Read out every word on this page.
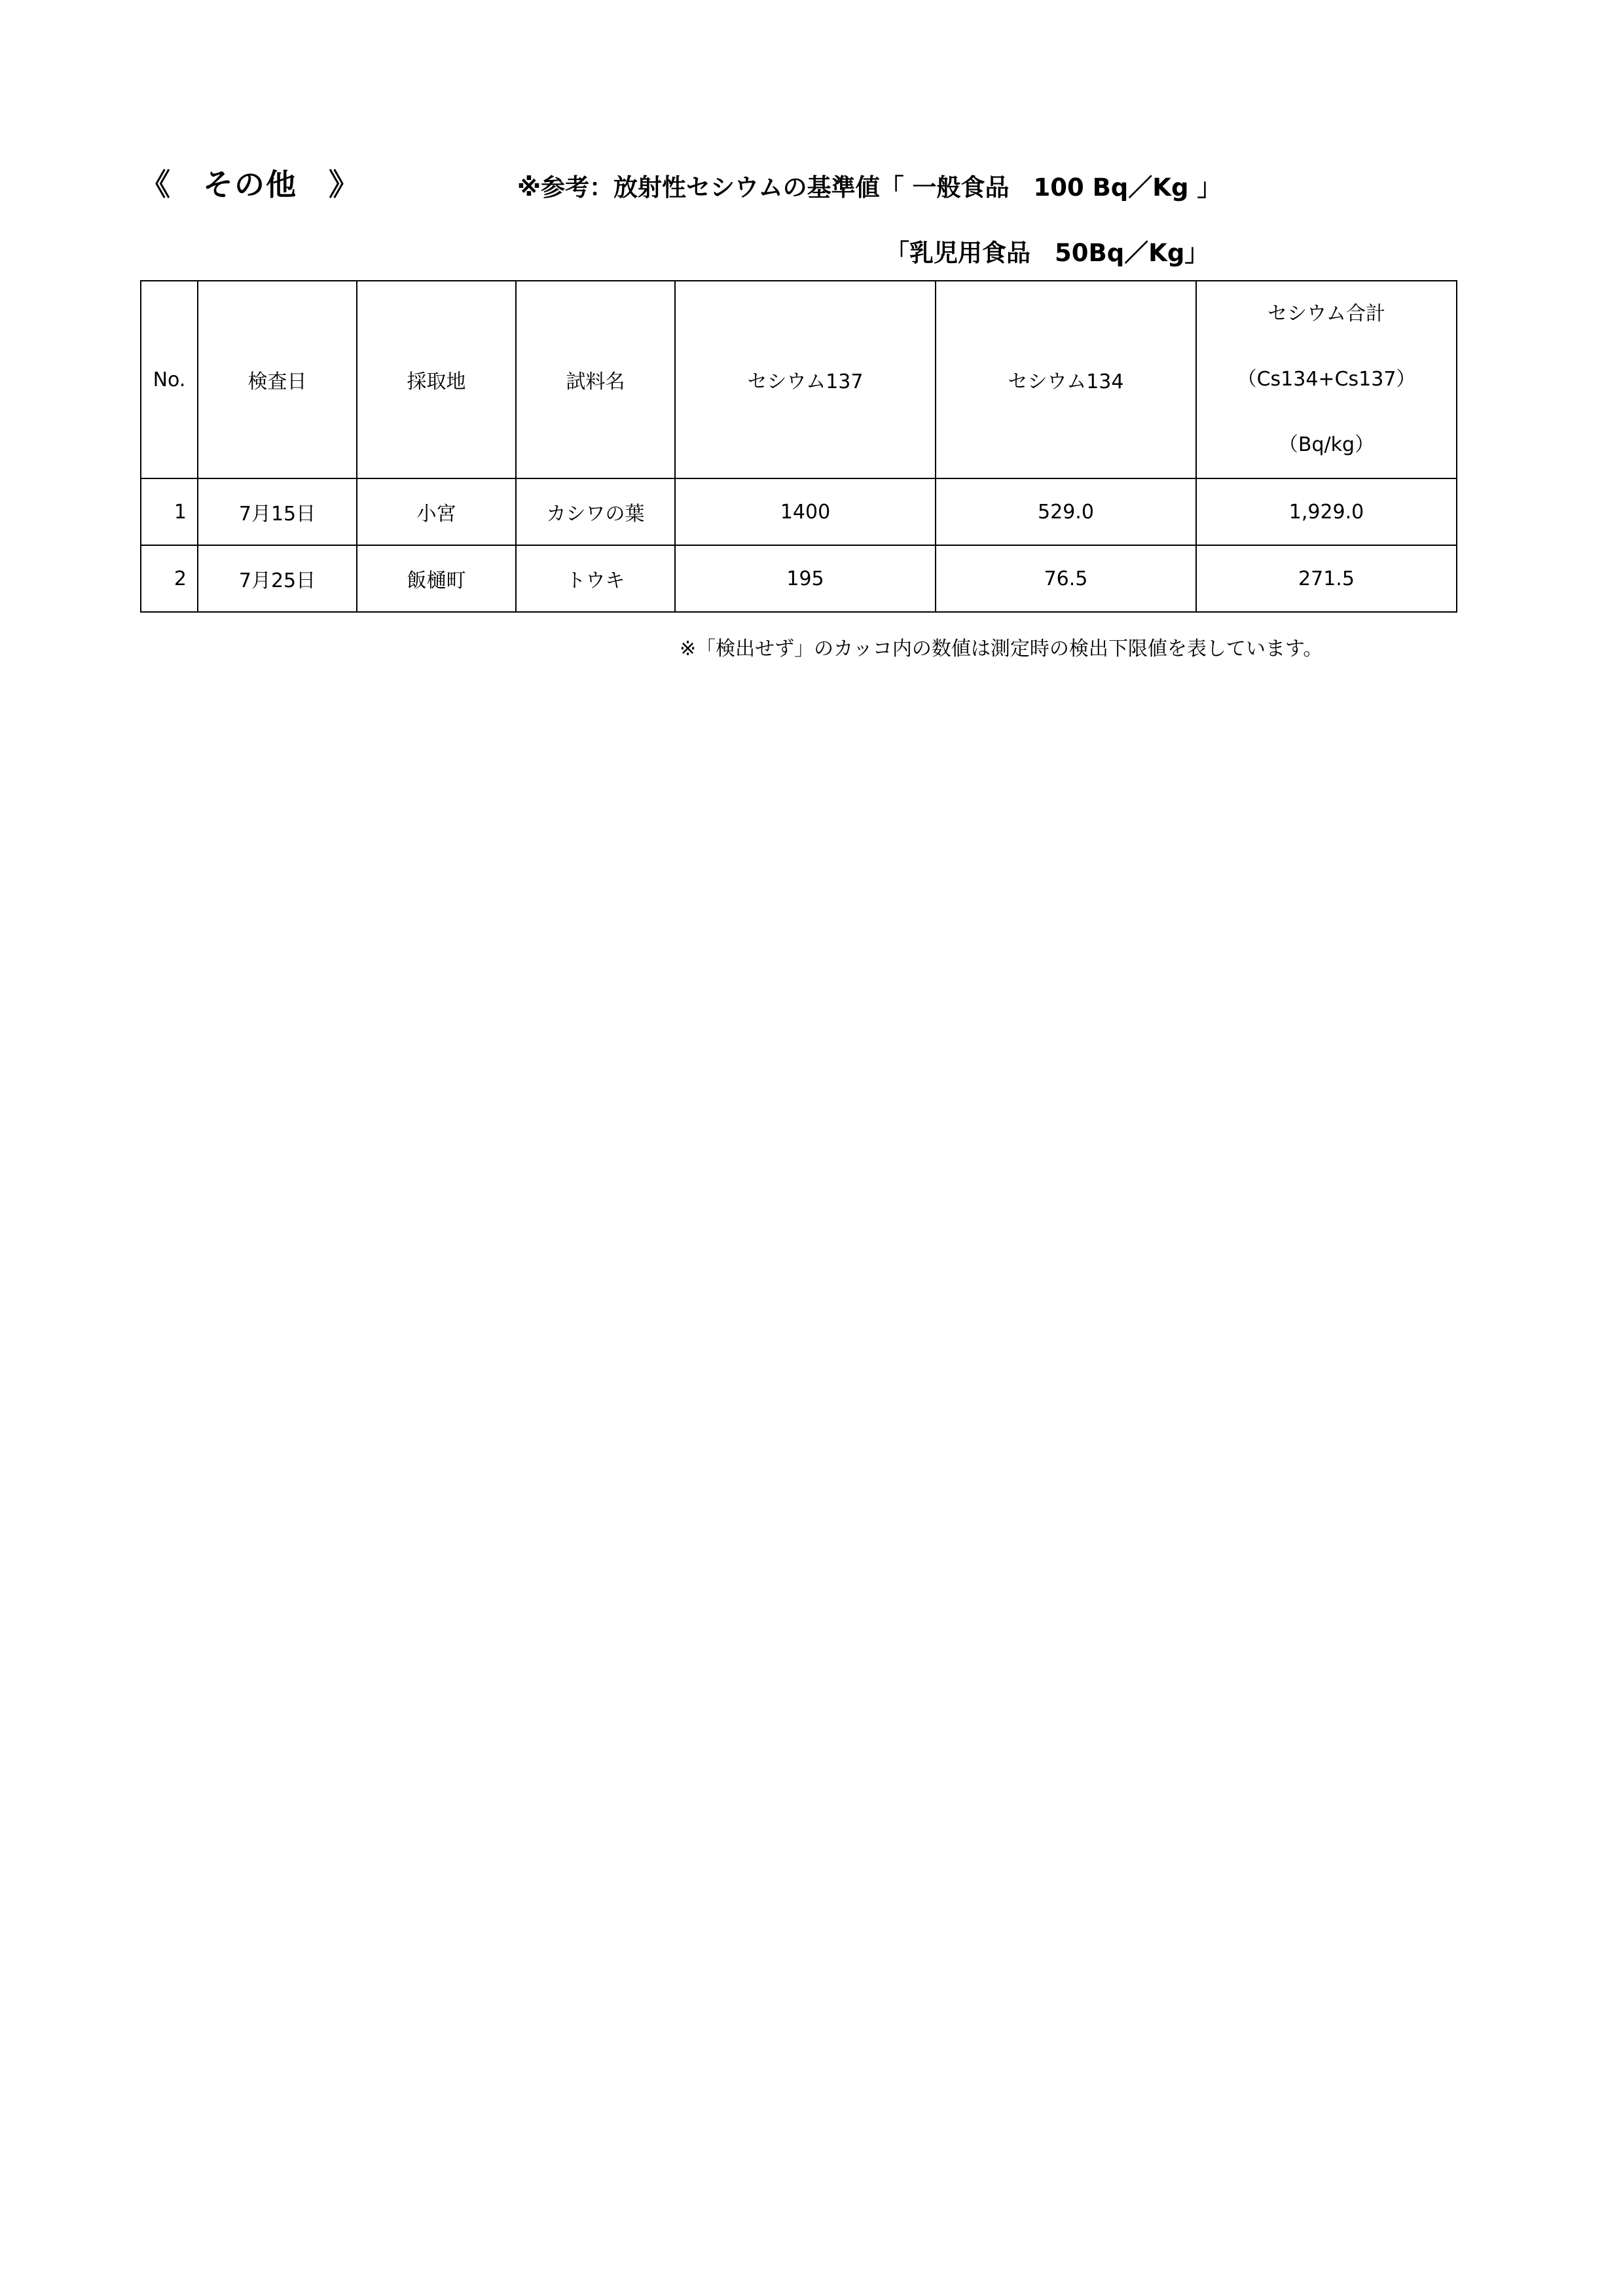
《　その他　》	※参考：放射性セシウムの基準値「 一般食品　100 Bq／Kg 」
「乳児用食品　50Bq／Kg」
No.	検査日	採取地	試料名	セシウム137	セシウム134	セシウム合計
（Cs134+Cs137）
（Bq/kg）

1	7月15日	小宮	カシワの葉	1400	529.0	1,929.0
2	7月25日	飯樋町	トウキ	195	76.5	271.5
※「検出せず」のカッコ内の数値は測定時の検出下限値を表しています。
